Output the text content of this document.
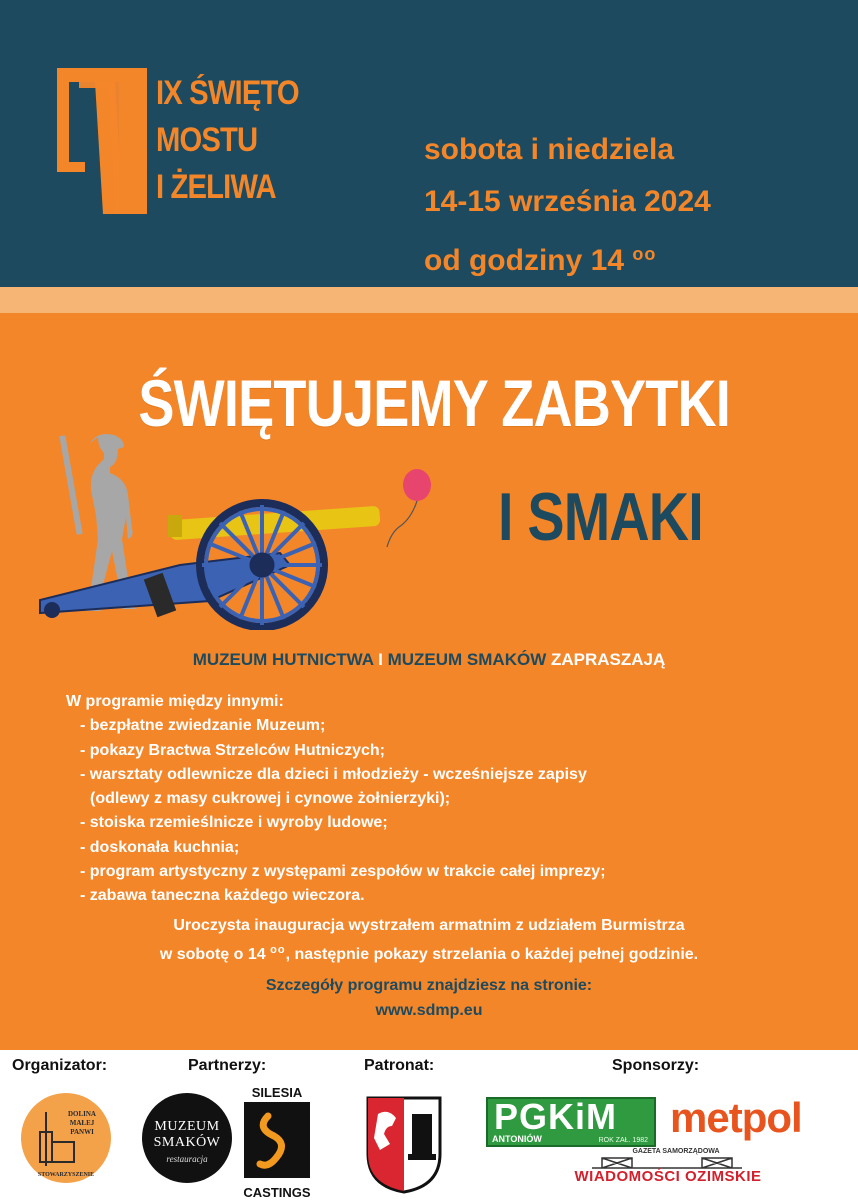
IX ŚWIĘTO
MOSTU
I ŻELIWA
sobota i niedziela
14-15 września 2024
od godziny 14 $^{oo}$
ŚWIĘTUJEMY ZABYTKI
I SMAKI
MUZEUM HUTNICTWA I MUZEUM SMAKÓW ZAPRASZAJĄ
W programie między innymi:
- bezpłatne zwiedzanie Muzeum;
- pokazy Bractwa Strzelców Hutniczych;
- warsztaty odlewnicze dla dzieci i młodzieży - wcześniejsze zapisy
(odlewy z masy cukrowej i cynowe żołnierzyki);
- stoiska rzemieślnicze i wyroby ludowe;
- doskonała kuchnia;
- program artystyczny z występami zespołów w trakcie całej imprezy;
- zabawa taneczna każdego wieczora.
Uroczysta inauguracja wystrzałem armatnim z udziałem Burmistrza
w sobotę o 14 $^{oo}$, następnie pokazy strzelania o każdej pełnej godzinie.
Szczegóły programu znajdziesz na stronie:
www.sdmp.eu
Organizator:	Partnerzy:	Patronat:	Sponsorzy:
DOLINA
MAŁEJ
PANWI
STOWARZYSZENIE
MUZEUM
SMAKÓW
restauracja
SILESIA
CASTINGS
PGKiM
ANTONIÓW	ROK ZAŁ. 1982 metpol
GAZETA SAMORZĄDOWA
WIADOMOŚCI OZIMSKIE
